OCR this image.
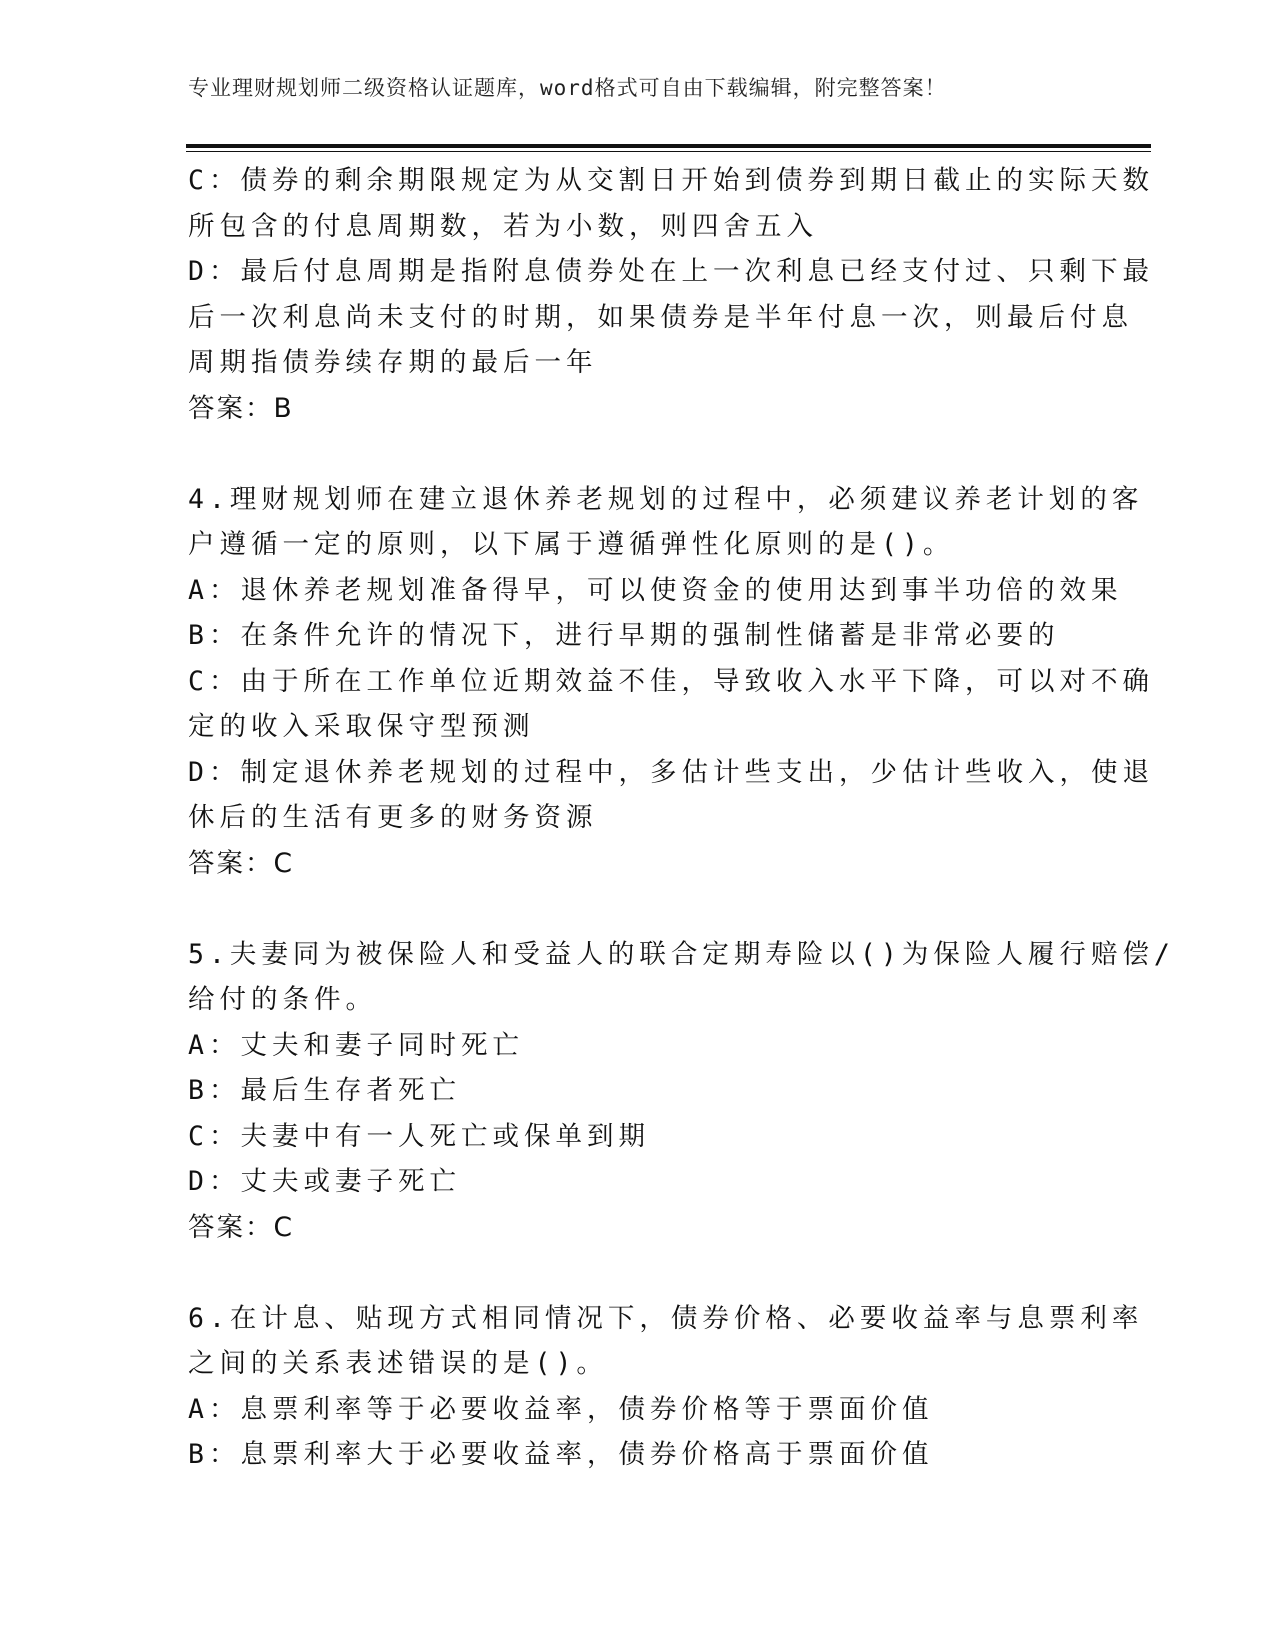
专业理财规划师二级资格认证题库，word格式可自由下载编辑，附完整答案！
C：债券的剩余期限规定为从交割日开始到债券到期日截止的实际天数
所包含的付息周期数，若为小数，则四舍五入
D：最后付息周期是指附息债券处在上一次利息已经支付过、只剩下最
后一次利息尚未支付的时期，如果债券是半年付息一次，则最后付息
周期指债券续存期的最后一年
答案：B
4.理财规划师在建立退休养老规划的过程中，必须建议养老计划的客
户遵循一定的原则，以下属于遵循弹性化原则的是()。
A：退休养老规划准备得早，可以使资金的使用达到事半功倍的效果
B：在条件允许的情况下，进行早期的强制性储蓄是非常必要的
C：由于所在工作单位近期效益不佳，导致收入水平下降，可以对不确
定的收入采取保守型预测
D：制定退休养老规划的过程中，多估计些支出，少估计些收入，使退
休后的生活有更多的财务资源
答案：C
5.夫妻同为被保险人和受益人的联合定期寿险以()为保险人履行赔偿/
给付的条件。
A：丈夫和妻子同时死亡
B：最后生存者死亡
C：夫妻中有一人死亡或保单到期
D：丈夫或妻子死亡
答案：C
6.在计息、贴现方式相同情况下，债券价格、必要收益率与息票利率
之间的关系表述错误的是()。
A：息票利率等于必要收益率，债券价格等于票面价值
B：息票利率大于必要收益率，债券价格高于票面价值
